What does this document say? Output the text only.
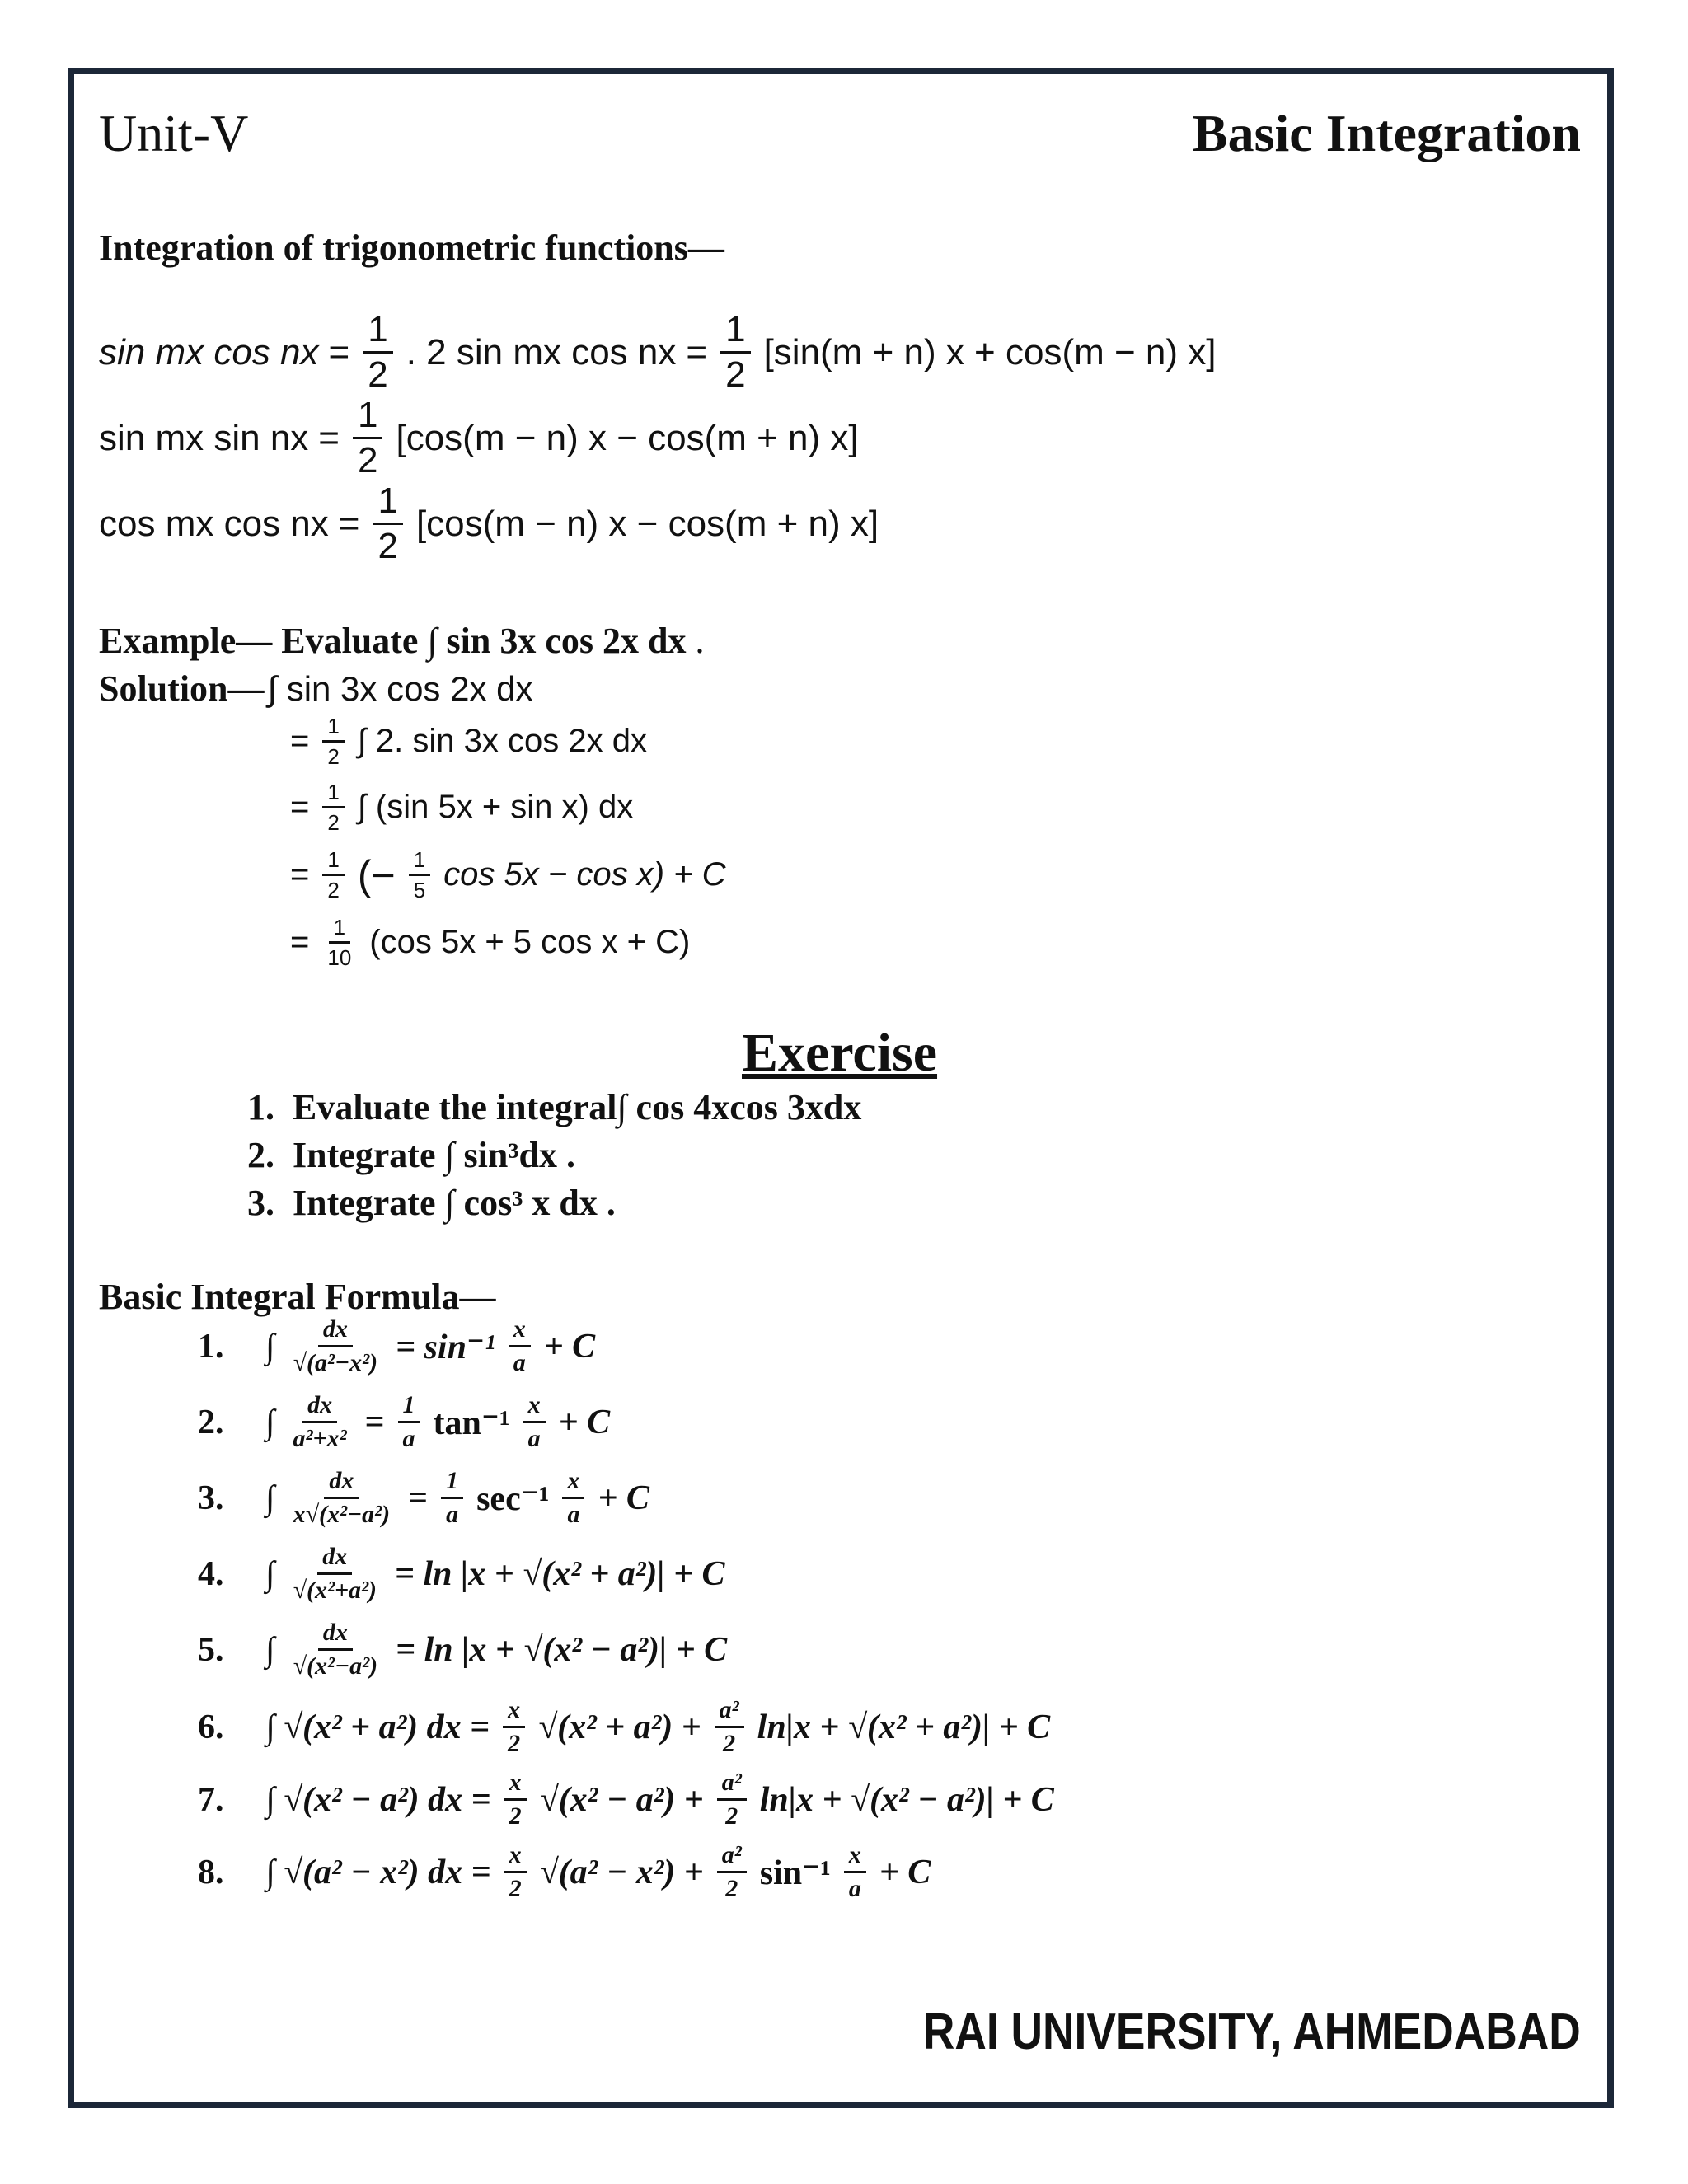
Unit-V	Basic Integration
Integration of trigonometric functions—
sin mx cos nx = $\frac{1}{2}$ . 2 sin mx cos nx = $\frac{1}{2} [\sin(m + n) x + \cos(m - n)$ x]
sin mx sin nx = $\frac{1}{2} [\cos(m - n) x - \cos(m + n)$ x]
cos mx cos nx = $\frac{1}{2} [\cos(m - n) x - \cos(m + n)$ x]
Example— Evaluate ∫ sin 3x cos 2x dx .
Solution— ∫ sin 3x cos 2x dx
= $\frac{1}{2}$ ∫ 2. sin 3x cos 2x dx
= $\frac{1}{2}$ ∫ (sin 5x + sin x) dx
= $\frac{1}{2}$ (− $\frac{1}{5}$ cos 5x − cos x) + C
= $\frac{1}{10} (\cos$ 5x + 5 cos x + C)
Exercise
1. Evaluate the integral∫ cos 4xcos 3xdx
2. Integrate ∫ sin³dx .
3. Integrate ∫ cos³ x dx .
Basic Integral Formula—
1.	∫ $\frac{dx}{\text{√(a²−x²)}} = \sin^{-1}$ x
a + C
2.	∫ $\frac{dx}{\text{a²+x²}} = \frac{1}{a} \tan^{-1}$ x
a + C
3.	∫ $\frac{dx}{\text{x√(x²−a²)}} = \frac{1}{a} \sec^{-1}$ x
a + C
4.	∫ $\frac{dx}{\text{√(x²+a²)}} = \ln |x + √(x^2 + a^2)| + C$
5.	∫ $\frac{dx}{\text{√(x²−a²)}} = \ln |x + √(x^2 - a^2)| + C$
6.	∫ √(x² + a²) dx = $\frac{x}{2} √(x^2 + a^2) + \frac{\text{a²}}{2} \ln|x + √(x^2 + a^2)| + C$
7.	∫ √(x² − a²) dx = $\frac{x}{2} √(x^2 - a^2) + \frac{\text{a²}}{2} \ln|x + √(x^2 - a^2)| + C$
8.	∫ √(a² − x²) dx = $\frac{x}{2} √(a^2 - x^2) + \frac{\text{a²}}{2} \sin^{-1}$ x
a + C
RAI UNIVERSITY, AHMEDABAD
